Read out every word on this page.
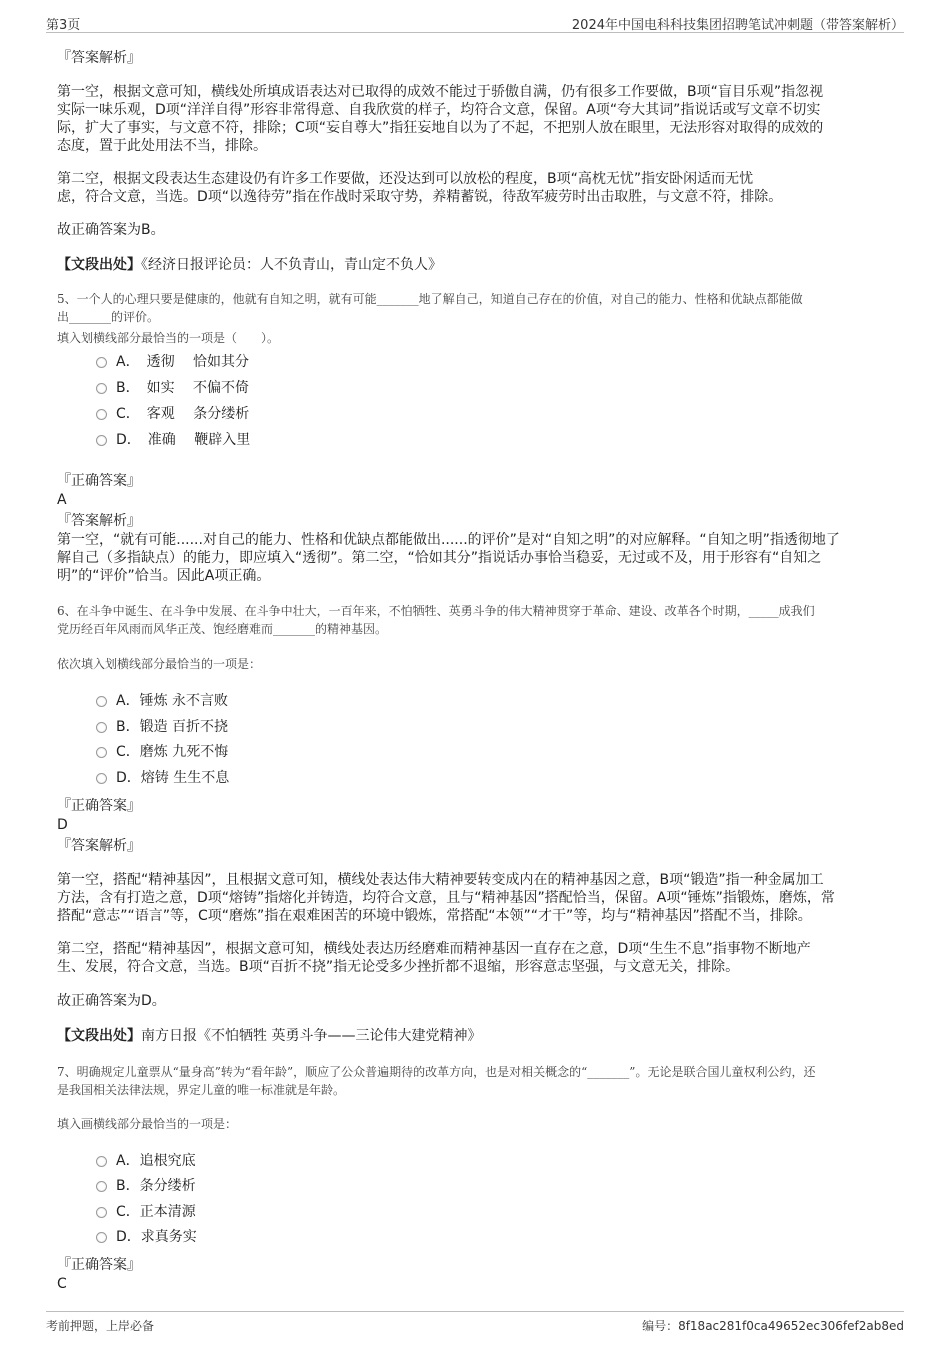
第3页	2024年中国电科科技集团招聘笔试冲刺题（带答案解析）
『答案解析』
第一空，根据文意可知，横线处所填成语表达对已取得的成效不能过于骄傲自满，仍有很多工作要做，B项“盲目乐观”指忽视
实际一味乐观，D项“洋洋自得”形容非常得意、自我欣赏的样子，均符合文意，保留。A项“夸大其词”指说话或写文章不切实
际，扩大了事实，与文意不符，排除；C项“妄自尊大”指狂妄地自以为了不起，不把别人放在眼里，无法形容对取得的成效的
态度，置于此处用法不当，排除。
第二空，根据文段表达生态建设仍有许多工作要做，还没达到可以放松的程度，B项“高枕无忧”指安卧闲适而无忧
虑，符合文意，当选。D项“以逸待劳”指在作战时采取守势，养精蓄锐，待敌军疲劳时出击取胜，与文意不符，排除。
故正确答案为B。
【文段出处】《经济日报评论员：人不负青山，青山定不负人》
5、一个人的心理只要是健康的，他就有自知之明，就有可能_______地了解自己，知道自己存在的价值，对自己的能力、性格和优缺点都能做
出_______的评价。
填入划横线部分最恰当的一项是（　　）。
A．　透彻　 恰如其分
B．　如实　 不偏不倚
C．　客观　 条分缕析
D．　准确　 鞭辟入里
『正确答案』
A
『答案解析』
第一空，“就有可能......对自己的能力、性格和优缺点都能做出......的评价”是对“自知之明”的对应解释。“自知之明”指透彻地了
解自己（多指缺点）的能力，即应填入“透彻”。第二空，“恰如其分”指说话办事恰当稳妥，无过或不及，用于形容有“自知之
明”的“评价”恰当。因此A项正确。
6、在斗争中诞生、在斗争中发展、在斗争中壮大，一百年来，不怕牺牲、英勇斗争的伟大精神贯穿于革命、建设、改革各个时期，_____成我们
党历经百年风雨而风华正茂、饱经磨难而_______的精神基因。
依次填入划横线部分最恰当的一项是：
A．锤炼 永不言败
B．锻造 百折不挠
C．磨炼 九死不悔
D．熔铸 生生不息
『正确答案』
D
『答案解析』
第一空，搭配“精神基因”，且根据文意可知，横线处表达伟大精神要转变成内在的精神基因之意，B项“锻造”指一种金属加工
方法，含有打造之意，D项“熔铸”指熔化并铸造，均符合文意，且与“精神基因”搭配恰当，保留。A项“锤炼”指锻炼，磨炼，常
搭配“意志”“语言”等，C项“磨炼”指在艰难困苦的环境中锻炼，常搭配“本领”“才干”等，均与“精神基因”搭配不当，排除。
第二空，搭配“精神基因”，根据文意可知，横线处表达历经磨难而精神基因一直存在之意，D项“生生不息”指事物不断地产
生、发展，符合文意，当选。B项“百折不挠”指无论受多少挫折都不退缩，形容意志坚强，与文意无关，排除。
故正确答案为D。
【文段出处】南方日报《不怕牺牲 英勇斗争——三论伟大建党精神》
7、明确规定儿童票从“量身高”转为“看年龄”，顺应了公众普遍期待的改革方向，也是对相关概念的“_______”。无论是联合国儿童权利公约，还
是我国相关法律法规，界定儿童的唯一标准就是年龄。
填入画横线部分最恰当的一项是：
A．追根究底
B．条分缕析
C．正本清源
D．求真务实
『正确答案』
C
考前押题，上岸必备	编号：8f18ac281f0ca49652ec306fef2ab8ed
